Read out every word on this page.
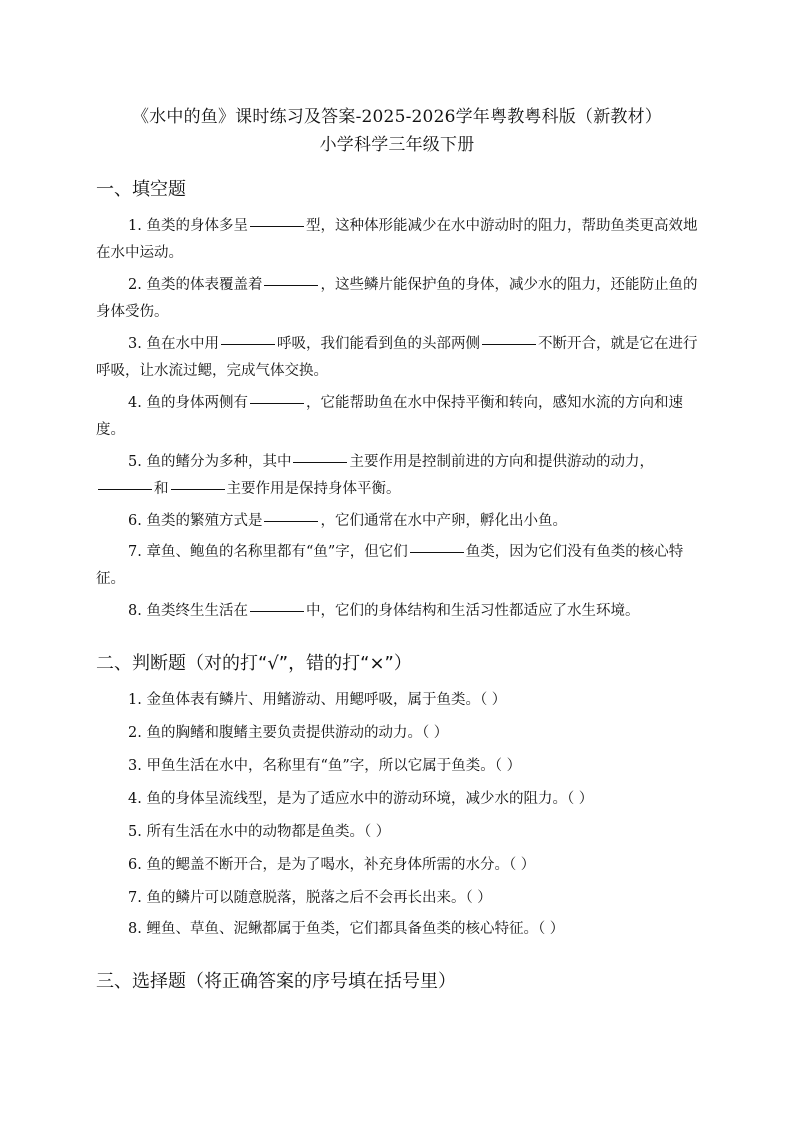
《水中的鱼》课时练习及答案-2025-2026学年粤教粤科版（新教材）
小学科学三年级下册
一、填空题
1. 鱼类的身体多呈	型，这种体形能减少在水中游动时的阻力，帮助鱼类更高效地在水中运动。
2. 鱼类的体表覆盖着	，这些鳞片能保护鱼的身体，减少水的阻力，还能防止鱼的身体受伤。
3. 鱼在水中用	呼吸，我们能看到鱼的头部两侧	不断开合，就是它在进行呼吸，让水流过鳃，完成气体交换。
4. 鱼的身体两侧有	，它能帮助鱼在水中保持平衡和转向，感知水流的方向和速度。
5. 鱼的鳍分为多种，其中	主要作用是控制前进的方向和提供游动的动力，和	主要作用是保持身体平衡。
6. 鱼类的繁殖方式是	，它们通常在水中产卵，孵化出小鱼。
7. 章鱼、鲍鱼的名称里都有“鱼”字，但它们	鱼类，因为它们没有鱼类的核心特征。
8. 鱼类终生生活在	中，它们的身体结构和生活习性都适应了水生环境。
二、判断题（对的打“√”，错的打“×”）
1. 金鱼体表有鳞片、用鳍游动、用鳃呼吸，属于鱼类。（ ）
2. 鱼的胸鳍和腹鳍主要负责提供游动的动力。（ ）
3. 甲鱼生活在水中，名称里有“鱼”字，所以它属于鱼类。（ ）
4. 鱼的身体呈流线型，是为了适应水中的游动环境，减少水的阻力。（ ）
5. 所有生活在水中的动物都是鱼类。（ ）
6. 鱼的鳃盖不断开合，是为了喝水，补充身体所需的水分。（ ）
7. 鱼的鳞片可以随意脱落，脱落之后不会再长出来。（ ）
8. 鲤鱼、草鱼、泥鳅都属于鱼类，它们都具备鱼类的核心特征。（ ）
三、选择题（将正确答案的序号填在括号里）
